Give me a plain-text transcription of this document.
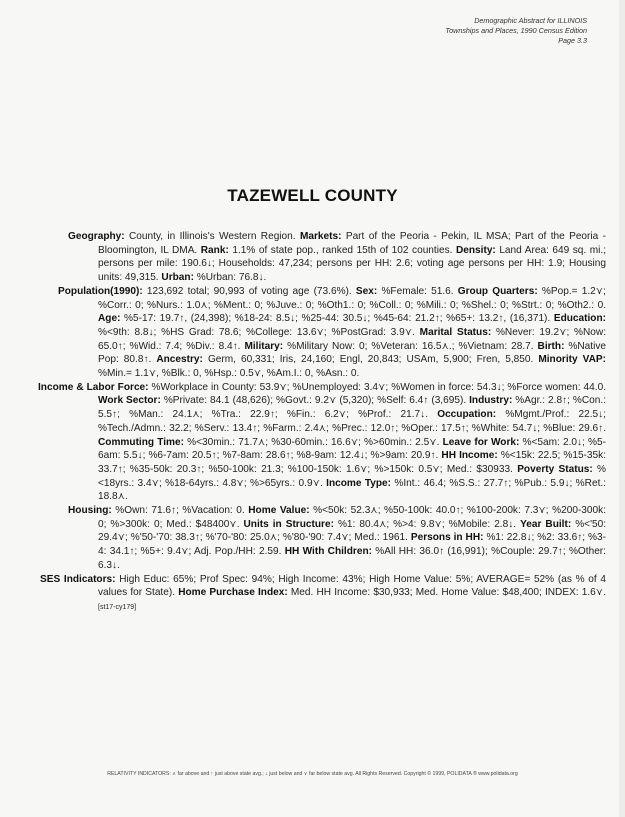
Demographic Abstract for ILLINOIS
Townships and Places, 1990 Census Edition
Page 3.3
TAZEWELL COUNTY

Geography: County, in Illinois's Western Region. Markets: Part of the Peoria - Pekin, IL MSA; Part of the Peoria - Bloomington, IL DMA. Rank: 1.1% of state pop., ranked 15th of 102 counties. Density: Land Area: 649 sq. mi.; persons per mile: 190.6↓; Households: 47,234; persons per HH: 2.6; voting age persons per HH: 1.9; Housing units: 49,315. Urban: %Urban: 76.8↓.

Population(1990): 123,692 total; 90,993 of voting age (73.6%). Sex: %Female: 51.6. Group Quarters: %Pop.= 1.2⋎; %Corr.: 0; %Nurs.: 1.0⋏; %Ment.: 0; %Juve.: 0; %Oth1.: 0; %Coll.: 0; %Mili.: 0; %Shel.: 0; %Strt.: 0; %Oth2.: 0. Age: %5-17: 19.7↑, (24,398); %18-24: 8.5↓; %25-44: 30.5↓; %45-64: 21.2↑; %65+: 13.2↑, (16,371). Education: %<9th: 8.8↓; %HS Grad: 78.6; %College: 13.6⋎; %PostGrad: 3.9⋎. Marital Status: %Never: 19.2⋎; %Now: 65.0↑; %Wid.: 7.4; %Div.: 8.4↑. Military: %Military Now: 0; %Veteran: 16.5⋏.; %Vietnam: 28.7. Birth: %Native Pop: 80.8↑. Ancestry: Germ, 60,331; Iris, 24,160; Engl, 20,843; USAm, 5,900; Fren, 5,850. Minority VAP: %Min.= 1.1⋎, %Blk.: 0, %Hsp.: 0.5⋎, %Am.I.: 0, %Asn.: 0.

Income & Labor Force: %Workplace in County: 53.9⋎; %Unemployed: 3.4⋎; %Women in force: 54.3↓; %Force women: 44.0. Work Sector: %Private: 84.1 (48,626); %Govt.: 9.2⋎ (5,320); %Self: 6.4↑ (3,695). Industry: %Agr.: 2.8↑; %Con.: 5.5↑; %Man.: 24.1⋏; %Tra.: 22.9↑; %Fin.: 6.2⋎; %Prof.: 21.7↓. Occupation: %Mgmt./Prof.: 22.5↓; %Tech./Admn.: 32.2; %Serv.: 13.4↑; %Farm.: 2.4⋏; %Prec.: 12.0↑; %Oper.: 17.5↑; %White: 54.7↓; %Blue: 29.6↑. Commuting Time: %<30min.: 71.7⋏; %30-60min.: 16.6⋎; %>60min.: 2.5⋎. Leave for Work: %<5am: 2.0↓; %5-6am: 5.5↓; %6-7am: 20.5↑; %7-8am: 28.6↑; %8-9am: 12.4↓; %>9am: 20.9↑. HH Income: %<15k: 22.5; %15-35k: 33.7↑; %35-50k: 20.3↑; %50-100k: 21.3; %100-150k: 1.6⋎; %>150k: 0.5⋎; Med.: $30933. Poverty Status: %<18yrs.: 3.4⋎; %18-64yrs.: 4.8⋎; %>65yrs.: 0.9⋎. Income Type: %Int.: 46.4; %S.S.: 27.7↑; %Pub.: 5.9↓; %Ret.: 18.8⋏.

Housing: %Own: 71.6↑; %Vacation: 0. Home Value: %<50k: 52.3⋏; %50-100k: 40.0↑; %100-200k: 7.3⋎; %200-300k: 0; %>300k: 0; Med.: $48400⋎. Units in Structure: %1: 80.4⋏; %>4: 9.8⋎; %Mobile: 2.8↓. Year Built: %<'50: 29.4⋎; %'50-'70: 38.3↑; %'70-'80: 25.0⋏; %'80-'90: 7.4⋎; Med.: 1961. Persons in HH: %1: 22.8↓; %2: 33.6↑; %3-4: 34.1↑; %5+: 9.4⋎; Adj. Pop./HH: 2.59. HH With Children: %All HH: 36.0↑ (16,991); %Couple: 29.7↑; %Other: 6.3↓.

SES Indicators: High Educ: 65%; Prof Spec: 94%; High Income: 43%; High Home Value: 5%; AVERAGE= 52% (as % of 4 values for State). Home Purchase Index: Med. HH Income: $30,933; Med. Home Value: $48,400; INDEX: 1.6⋎. [st17-cy179]

RELATIVITY INDICATORS: ⋏ far above and ↑ just above state avg.; ↓ just below and ⋎ far below state avg. All Rights Reserved. Copyright © 1999, POLIDATA ® www.polidata.org
